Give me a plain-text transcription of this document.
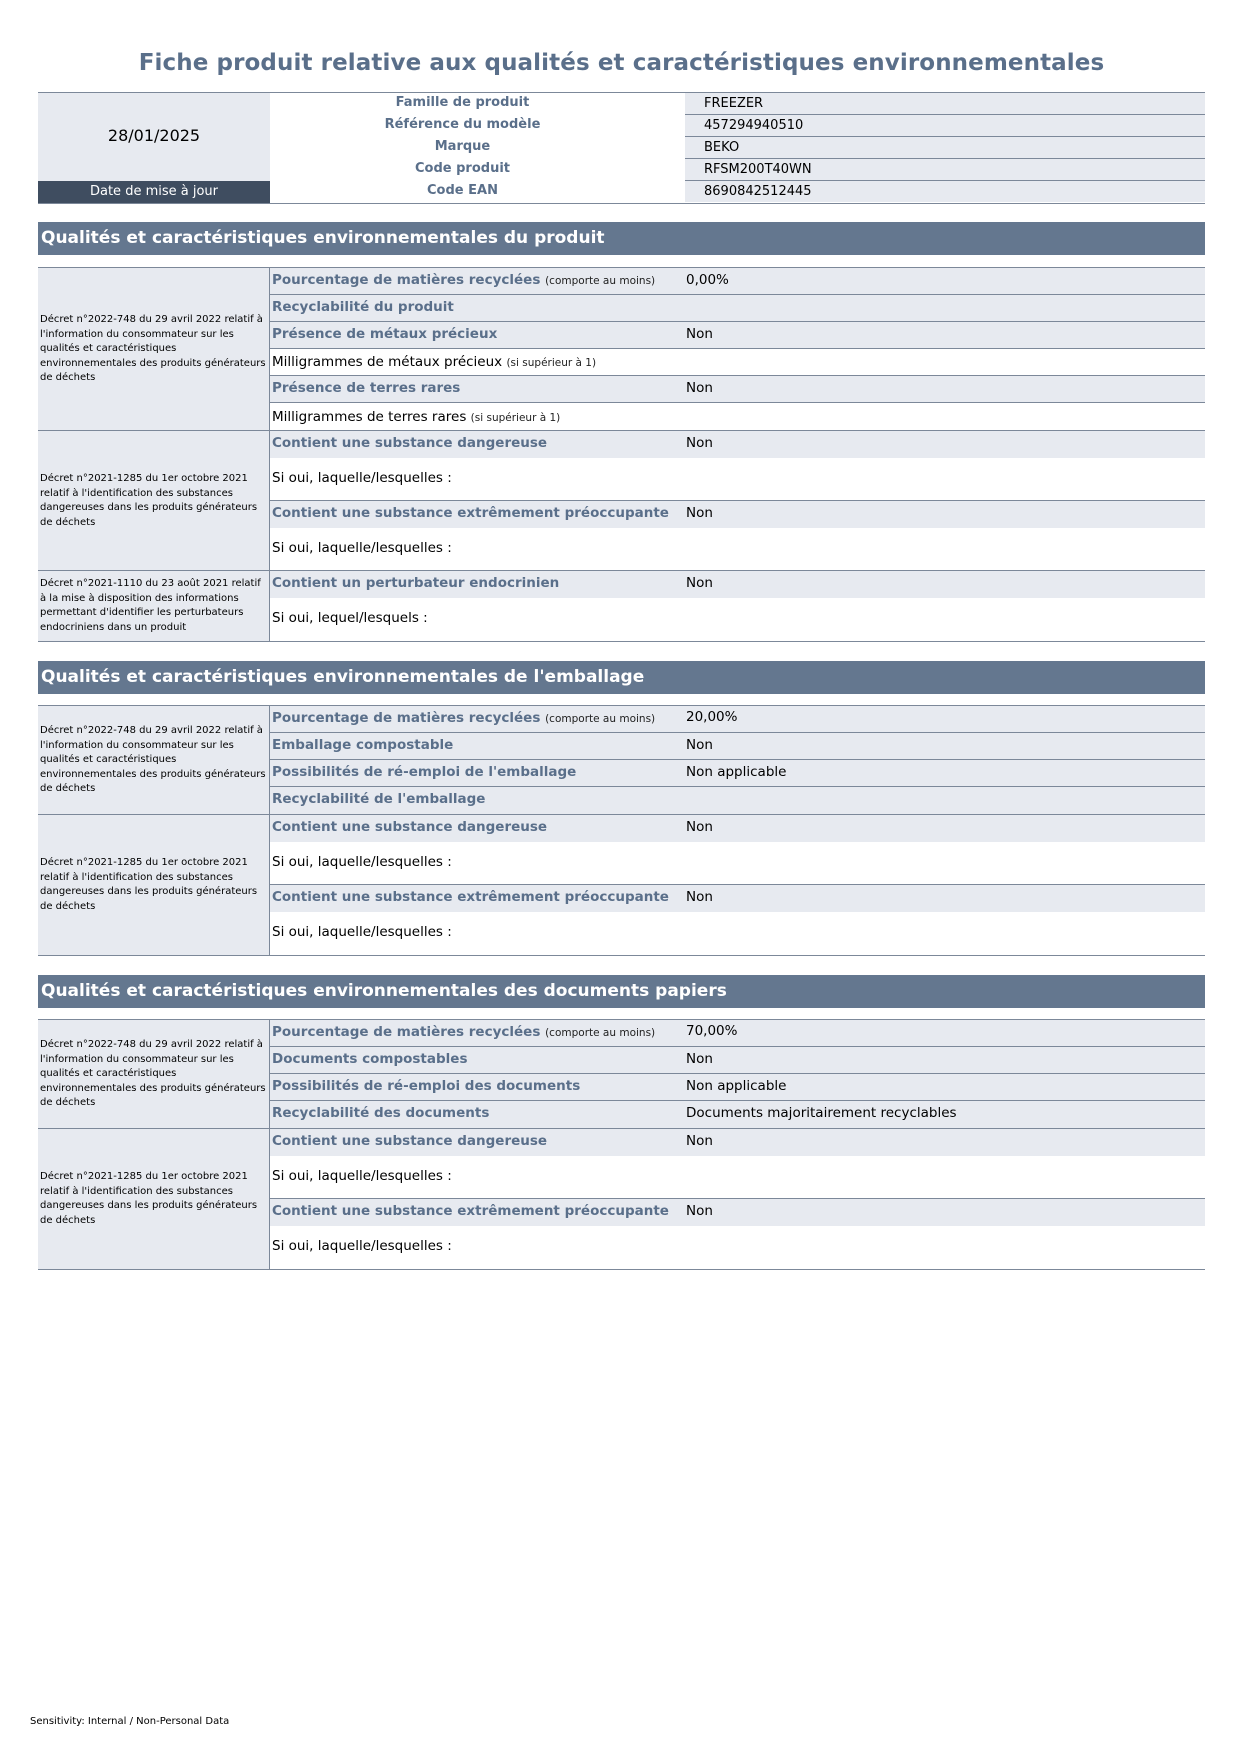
Fiche produit relative aux qualités et caractéristiques environnementales
28/01/2025
Date de mise à jour
Famille de produit	FREEZER
Référence du modèle	457294940510
Marque	BEKO
Code produit	RFSM200T40WN
Code EAN	8690842512445
Qualités et caractéristiques environnementales du produit
Décret n°2022-748 du 29 avril 2022 relatif à l'information du consommateur sur les qualités et caractéristiques environnementales des produits générateurs de déchets
Pourcentage de matières recyclées (comporte au moins) 0,00%
Recyclabilité du produit
Présence de métaux précieux	Non
Milligrammes de métaux précieux (si supérieur à 1)
Présence de terres rares	Non
Milligrammes de terres rares (si supérieur à 1)
Décret n°2021-1285 du 1er octobre 2021 relatif à l'identification des substances dangereuses dans les produits générateurs de déchets
Contient une substance dangereuse	Non
Si oui, laquelle/lesquelles :
Contient une substance extrêmement préoccupante Non
Si oui, laquelle/lesquelles :
Décret n°2021-1110 du 23 août 2021 relatif à la mise à disposition des informations permettant d'identifier les perturbateurs endocriniens dans un produit
Contient un perturbateur endocrinien	Non
Si oui, lequel/lesquels :
Qualités et caractéristiques environnementales de l'emballage
Décret n°2022-748 du 29 avril 2022 relatif à l'information du consommateur sur les qualités et caractéristiques environnementales des produits générateurs de déchets
Pourcentage de matières recyclées (comporte au moins) 20,00%
Emballage compostable	Non
Possibilités de ré-emploi de l'emballage	Non applicable
Recyclabilité de l'emballage
Décret n°2021-1285 du 1er octobre 2021 relatif à l'identification des substances dangereuses dans les produits générateurs de déchets
Contient une substance dangereuse	Non
Si oui, laquelle/lesquelles :
Contient une substance extrêmement préoccupante Non
Si oui, laquelle/lesquelles :
Qualités et caractéristiques environnementales des documents papiers
Décret n°2022-748 du 29 avril 2022 relatif à l'information du consommateur sur les qualités et caractéristiques environnementales des produits générateurs de déchets
Pourcentage de matières recyclées (comporte au moins) 70,00%
Documents compostables	Non
Possibilités de ré-emploi des documents	Non applicable
Recyclabilité des documents	Documents majoritairement recyclables
Décret n°2021-1285 du 1er octobre 2021 relatif à l'identification des substances dangereuses dans les produits générateurs de déchets
Contient une substance dangereuse	Non
Si oui, laquelle/lesquelles :
Contient une substance extrêmement préoccupante Non
Si oui, laquelle/lesquelles :
Sensitivity: Internal / Non-Personal Data
